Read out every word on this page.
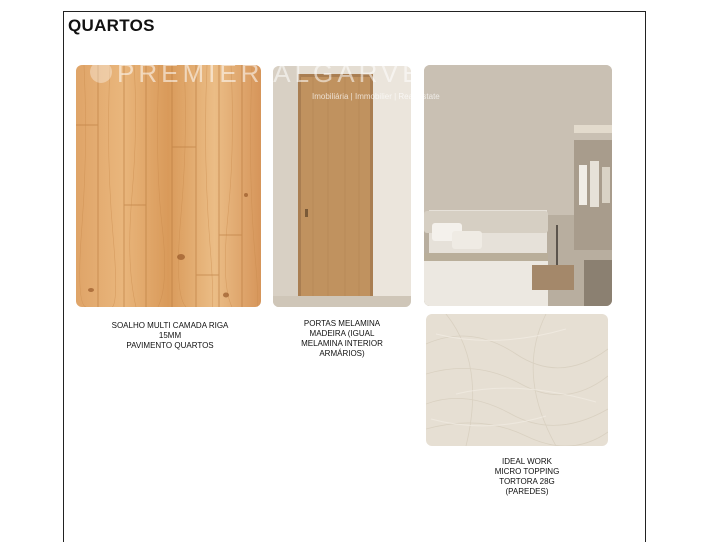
QUARTOS
PREMIER ALGARVE
Imobiliária | Immobilier | Real Estate
SOALHO MULTI CAMADA RIGA
15MM
PAVIMENTO QUARTOS
PORTAS MELAMINA
MADEIRA (IGUAL
MELAMINA INTERIOR
ARMÁRIOS)
IDEAL WORK
MICRO TOPPING
TORTORA 28G
(PAREDES)
